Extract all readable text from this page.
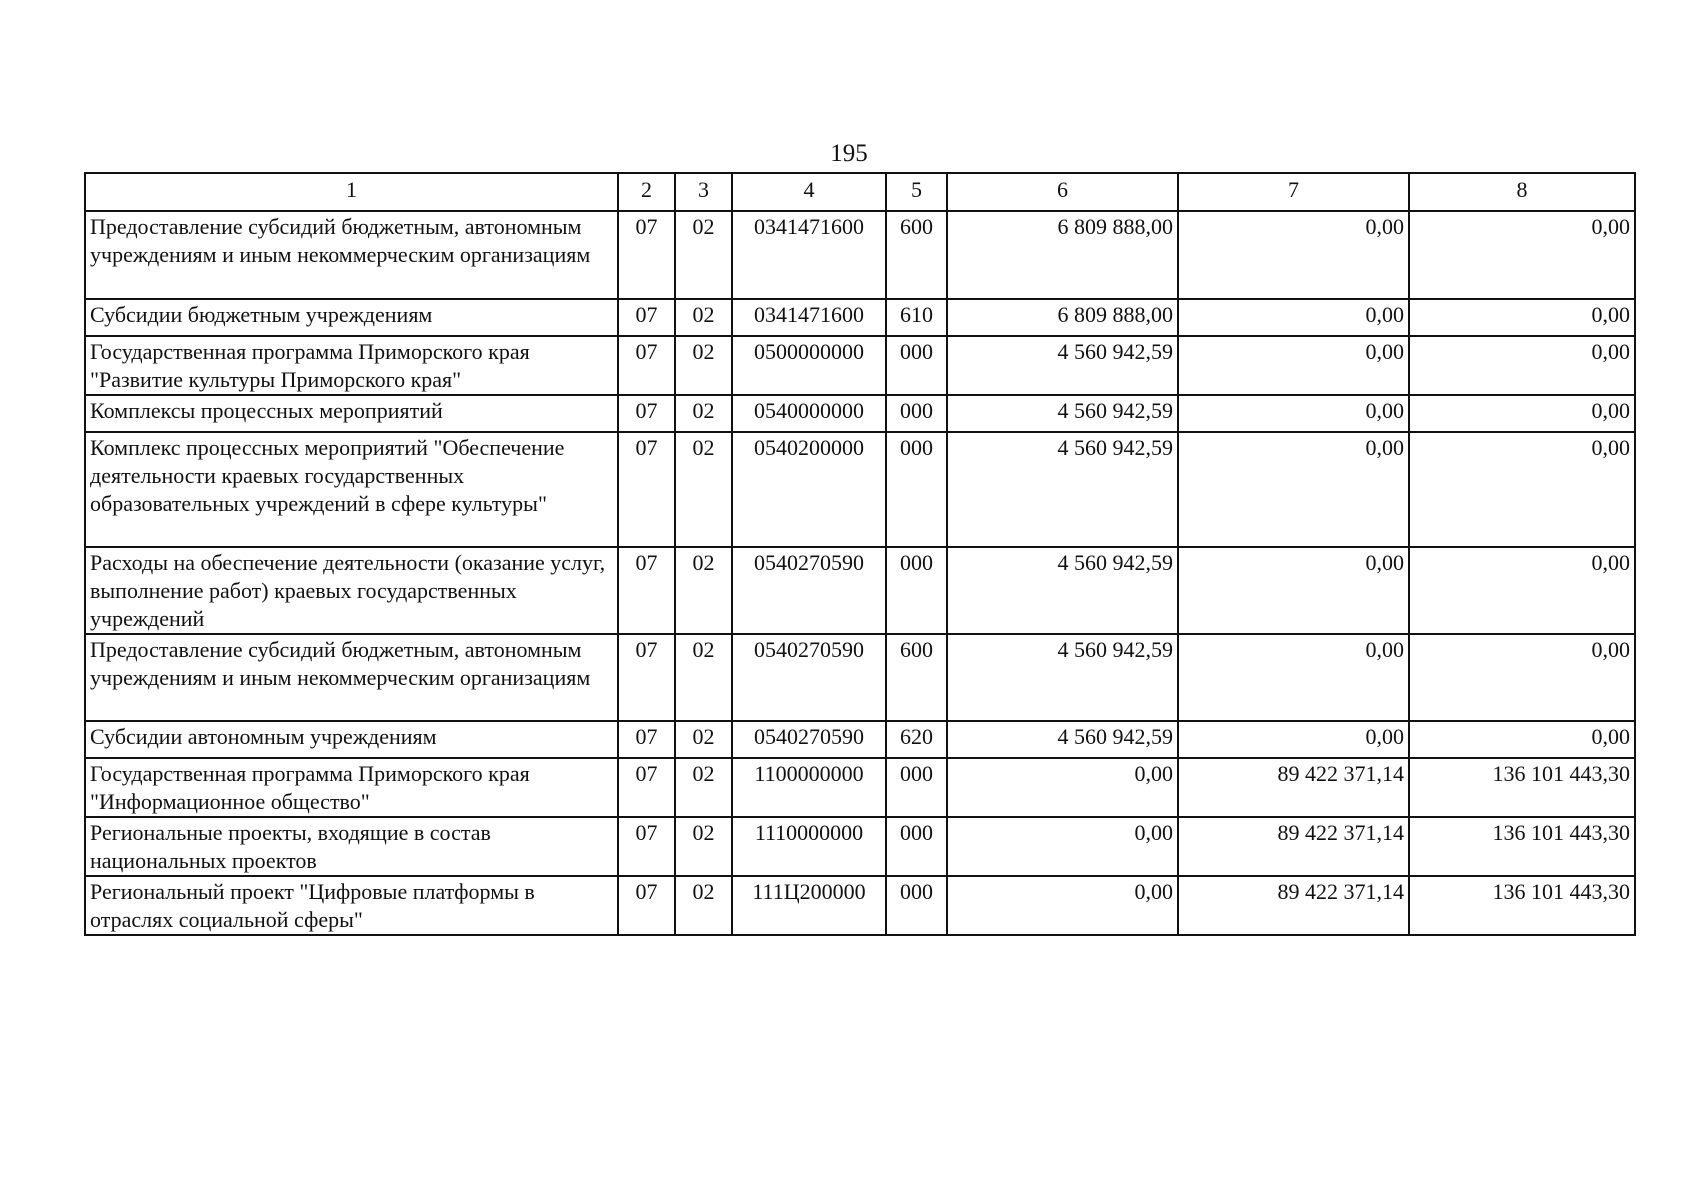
195
1	2	3	4	5	6	7	8
Предоставление субсидий бюджетным, автономным учреждениям и иным некоммерческим организациям	07	02	0341471600	600	6 809 888,00	0,00	0,00
Субсидии бюджетным учреждениям	07	02	0341471600	610	6 809 888,00	0,00	0,00
Государственная программа Приморского края "Развитие культуры Приморского края"	07	02	0500000000	000	4 560 942,59	0,00	0,00
Комплексы процессных мероприятий	07	02	0540000000	000	4 560 942,59	0,00	0,00
Комплекс процессных мероприятий "Обеспечение деятельности краевых государственных образовательных учреждений в сфере культуры"	07	02	0540200000	000	4 560 942,59	0,00	0,00
Расходы на обеспечение деятельности (оказание услуг, выполнение работ) краевых государственных учреждений	07	02	0540270590	000	4 560 942,59	0,00	0,00
Предоставление субсидий бюджетным, автономным учреждениям и иным некоммерческим организациям	07	02	0540270590	600	4 560 942,59	0,00	0,00
Субсидии автономным учреждениям	07	02	0540270590	620	4 560 942,59	0,00	0,00
Государственная программа Приморского края "Информационное общество"	07	02	1100000000	000	0,00	89 422 371,14	136 101 443,30
Региональные проекты, входящие в состав национальных проектов	07	02	1110000000	000	0,00	89 422 371,14	136 101 443,30
Региональный проект "Цифровые платформы в отраслях социальной сферы"	07	02	111Ц200000	000	0,00	89 422 371,14	136 101 443,30
